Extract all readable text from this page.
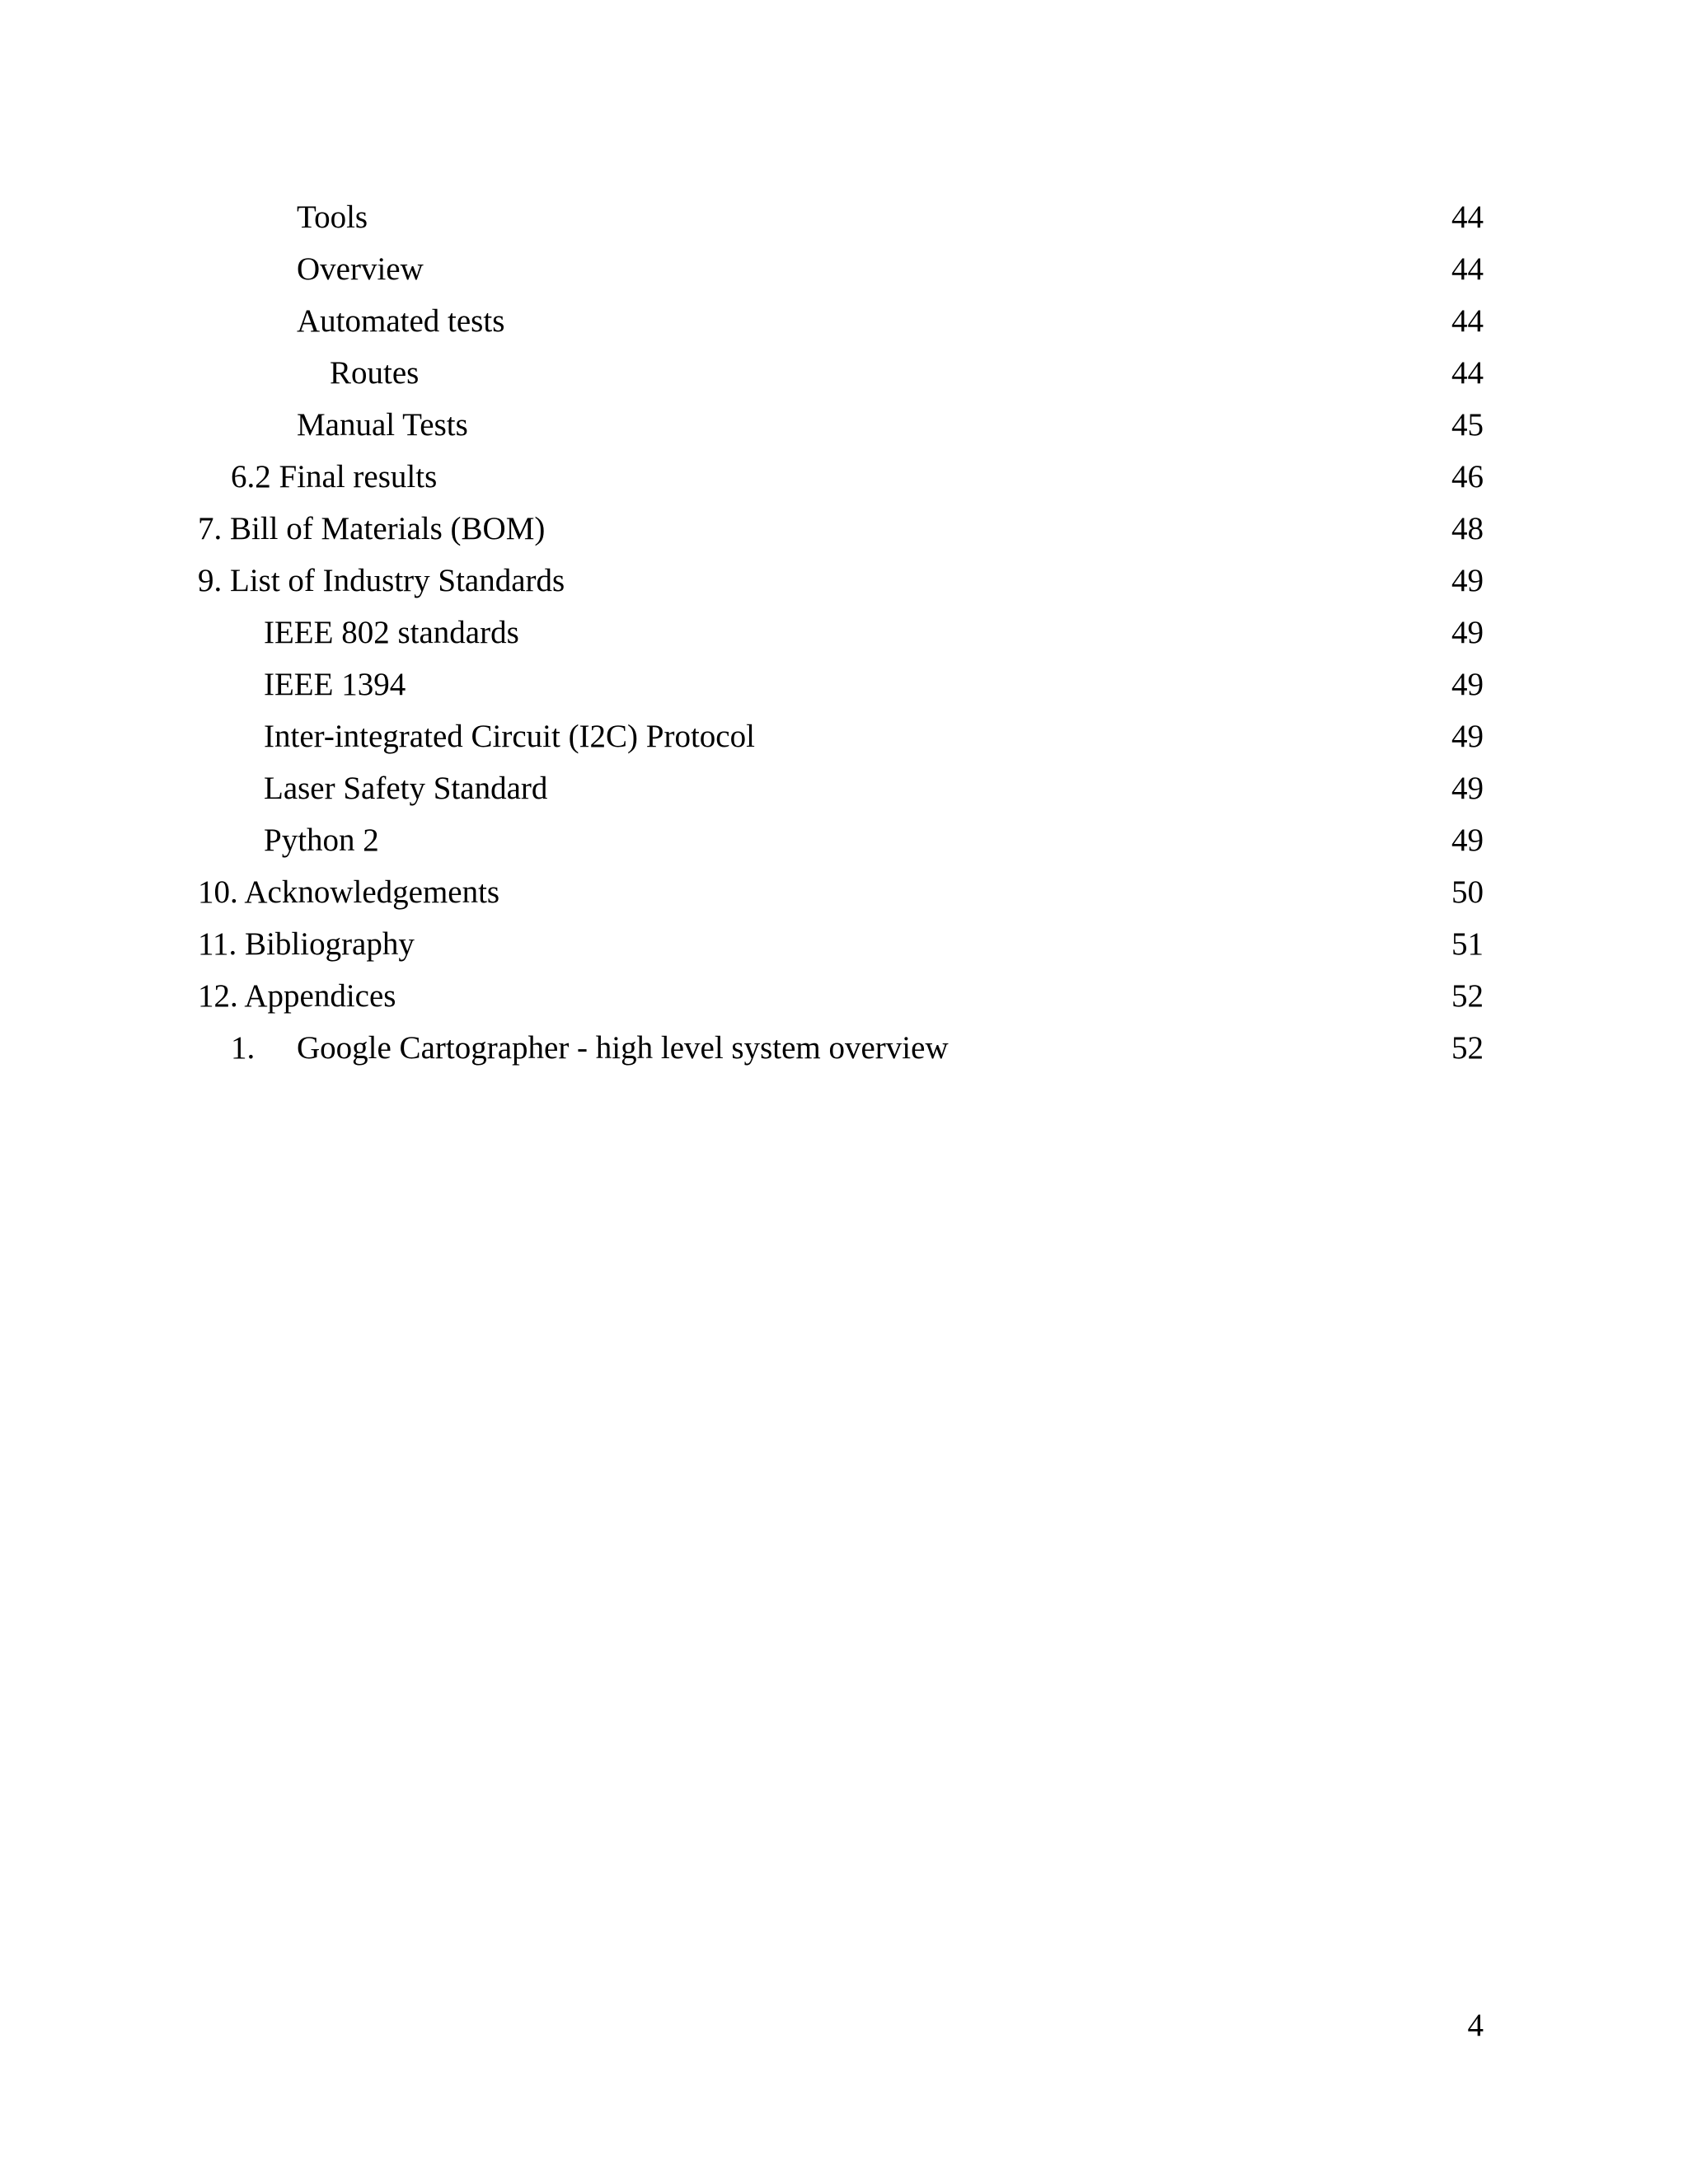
Tools	44
Overview	44
Automated tests	44
Routes	44
Manual Tests	45
6.2 Final results	46
7. Bill of Materials (BOM)	48
9. List of Industry Standards	49
IEEE 802 standards	49
IEEE 1394	49
Inter-integrated Circuit (I2C) Protocol	49
Laser Safety Standard	49
Python 2	49
10. Acknowledgements	50
11. Bibliography	51
12. Appendices	52
1. Google Cartographer - high level system overview	52
4
